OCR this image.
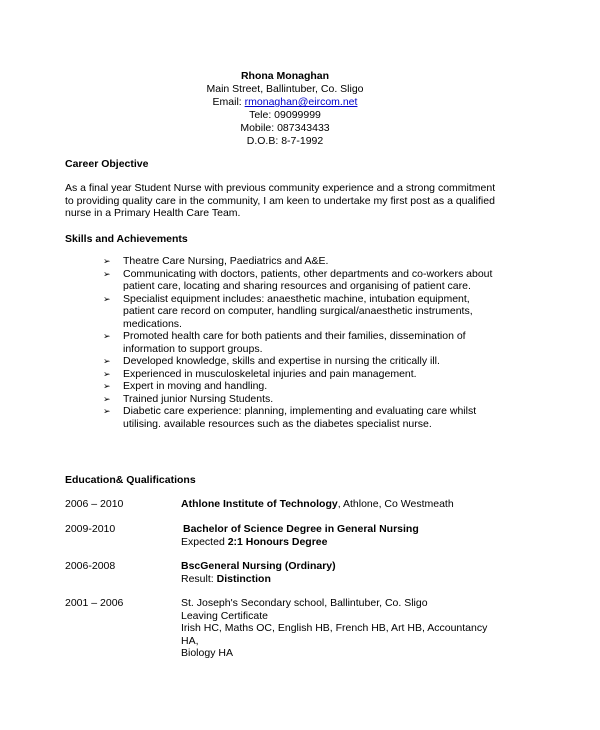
Rhona Monaghan
Main Street, Ballintuber, Co. Sligo
Email: rmonaghan@eircom.net
Tele: 09099999
Mobile: 087343433
D.O.B: 8-7-1992
Career Objective
As a final year Student Nurse with previous community experience and a strong commitment
to providing quality care in the community, I am keen to undertake my first post as a qualified
nurse in a Primary Health Care Team.
Skills and Achievements
➢ Theatre Care Nursing, Paediatrics and A&E.
➢ Communicating with doctors, patients, other departments and co-workers about
patient care, locating and sharing resources and organising of patient care.
➢ Specialist equipment includes: anaesthetic machine, intubation equipment,
patient care record on computer, handling surgical/anaesthetic instruments,
medications.
➢ Promoted health care for both patients and their families, dissemination of
information to support groups.
➢ Developed knowledge, skills and expertise in nursing the critically ill.
➢ Experienced in musculoskeletal injuries and pain management.
➢ Expert in moving and handling.
➢ Trained junior Nursing Students.
➢ Diabetic care experience: planning, implementing and evaluating care whilst
utilising. available resources such as the diabetes specialist nurse.
Education& Qualifications
2006 – 2010	Athlone Institute of Technology, Athlone, Co Westmeath
2009-2010	Bachelor of Science Degree in General Nursing
Expected 2:1 Honours Degree
2006-2008	BscGeneral Nursing (Ordinary)
Result: Distinction
2001 – 2006	St. Joseph's Secondary school, Ballintuber, Co. Sligo
Leaving Certificate
Irish HC, Maths OC, English HB, French HB, Art HB, Accountancy
HA,
Biology HA
